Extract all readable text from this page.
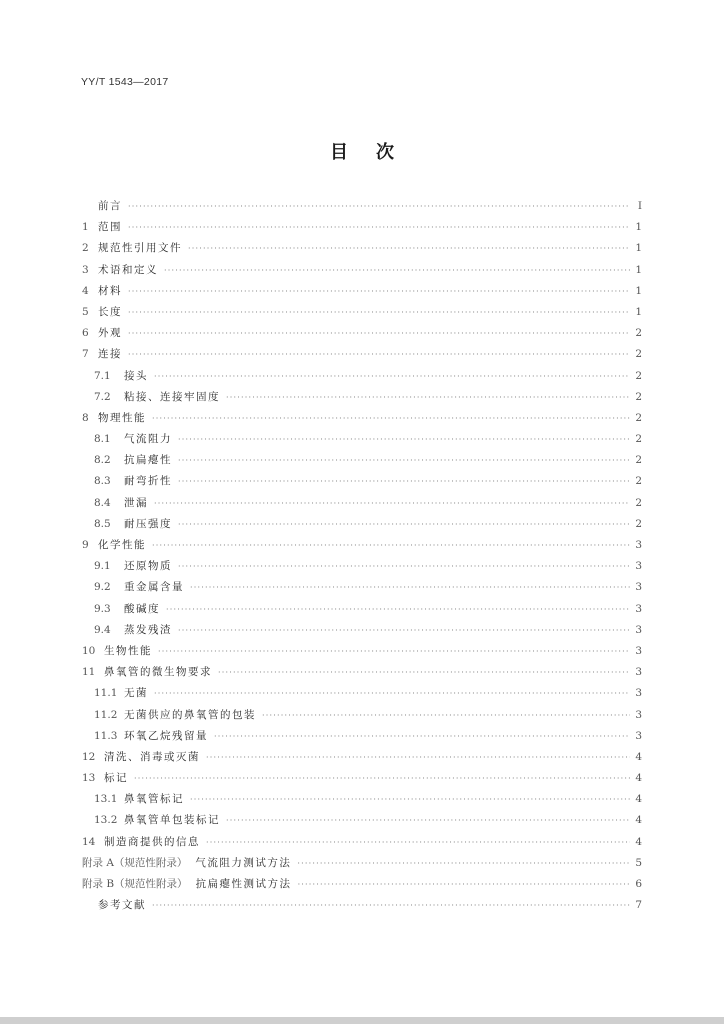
YY/T 1543—2017
目次
前言 ·····	Ⅰ
1 范围 ·····	1
2 规范性引用文件 ·····	1
3 术语和定义 ·····	1
4 材料 ·····	1
5 长度 ·····	1
6 外观 ·····	2
7 连接 ·····	2
7.1	接头 ·····	2
7.2	粘接、连接牢固度 ·····	2
8 物理性能 ·····	2
8.1	气流阻力 ·····	2
8.2	抗扁瘪性 ·····	2
8.3	耐弯折性 ·····	2
8.4	泄漏 ·····	2
8.5	耐压强度 ·····	2
9 化学性能 ·····	3
9.1	还原物质 ·····	3
9.2	重金属含量 ·····	3
9.3	酸碱度 ·····	3
9.4	蒸发残渣 ·····	3
10 生物性能 ·····	3
11 鼻氧管的微生物要求 ·····	3
11.1 无菌 ·····	3
11.2 无菌供应的鼻氧管的包装 ·····	3
11.3 环氧乙烷残留量 ·····	3
12 清洗、消毒或灭菌 ·····	4
13 标记 ·····	4
13.1 鼻氧管标记 ·····	4
13.2 鼻氧管单包装标记 ·····	4
14 制造商提供的信息 ·····	4
附录 A（规范性附录） 气流阻力测试方法 ·····	5
附录 B（规范性附录） 抗扁瘪性测试方法 ·····	6
参考文献 ·····	7
